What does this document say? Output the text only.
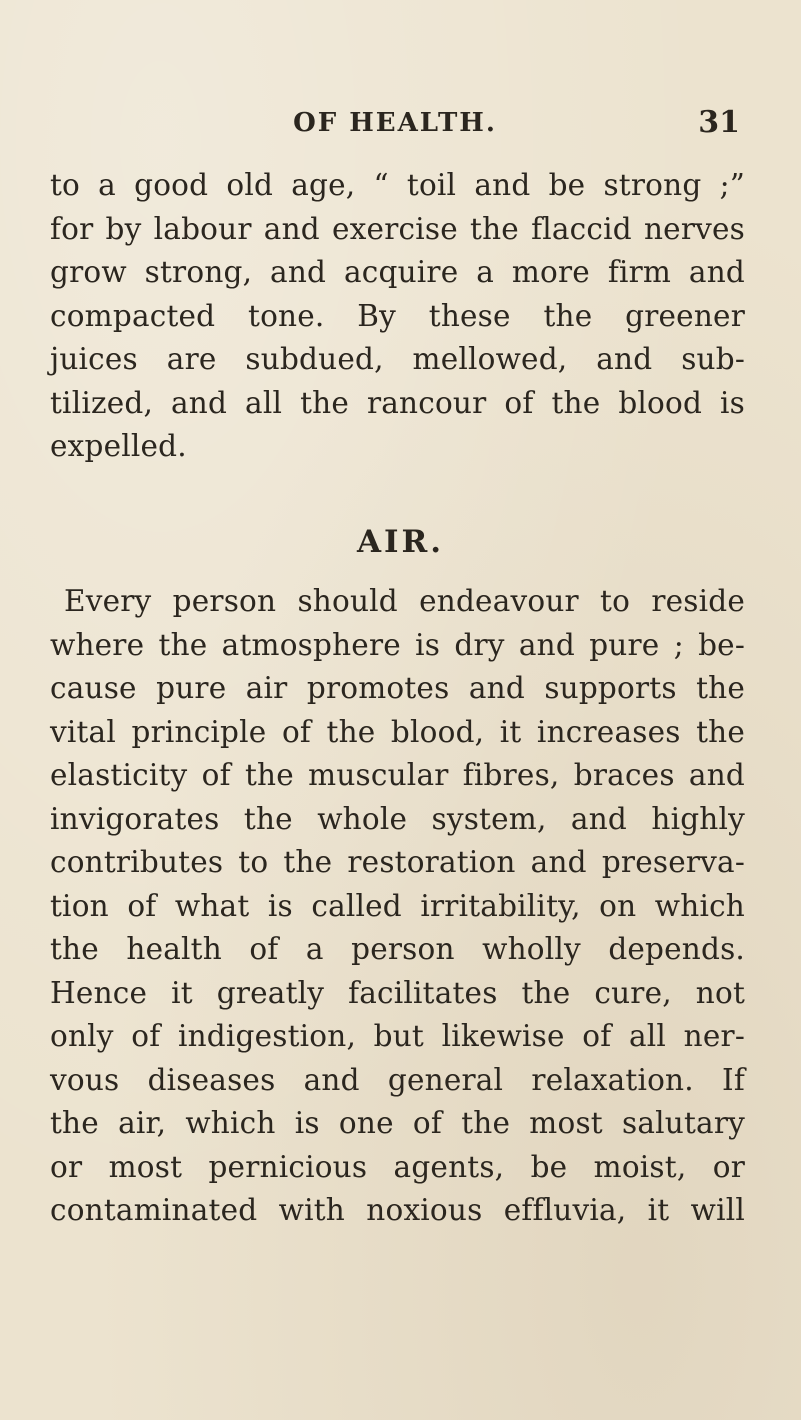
OF HEALTH.	31

to a good old age, “ toil and be strong ;”
for by labour and exercise the flaccid nerves
grow strong, and acquire a more firm and
compacted tone. By these the greener
juices are subdued, mellowed, and sub-
tilized, and all the rancour of the blood is
expelled.

AIR.

Every person should endeavour to reside
where the atmosphere is dry and pure ; be-
cause pure air promotes and supports the
vital principle of the blood, it increases the
elasticity of the muscular fibres, braces and
invigorates the whole system, and highly
contributes to the restoration and preserva-
tion of what is called irritability, on which
the health of a person wholly depends.
Hence it greatly facilitates the cure, not
only of indigestion, but likewise of all ner-
vous diseases and general relaxation. If
the air, which is one of the most salutary
or most pernicious agents, be moist, or
contaminated with noxious effluvia, it will
